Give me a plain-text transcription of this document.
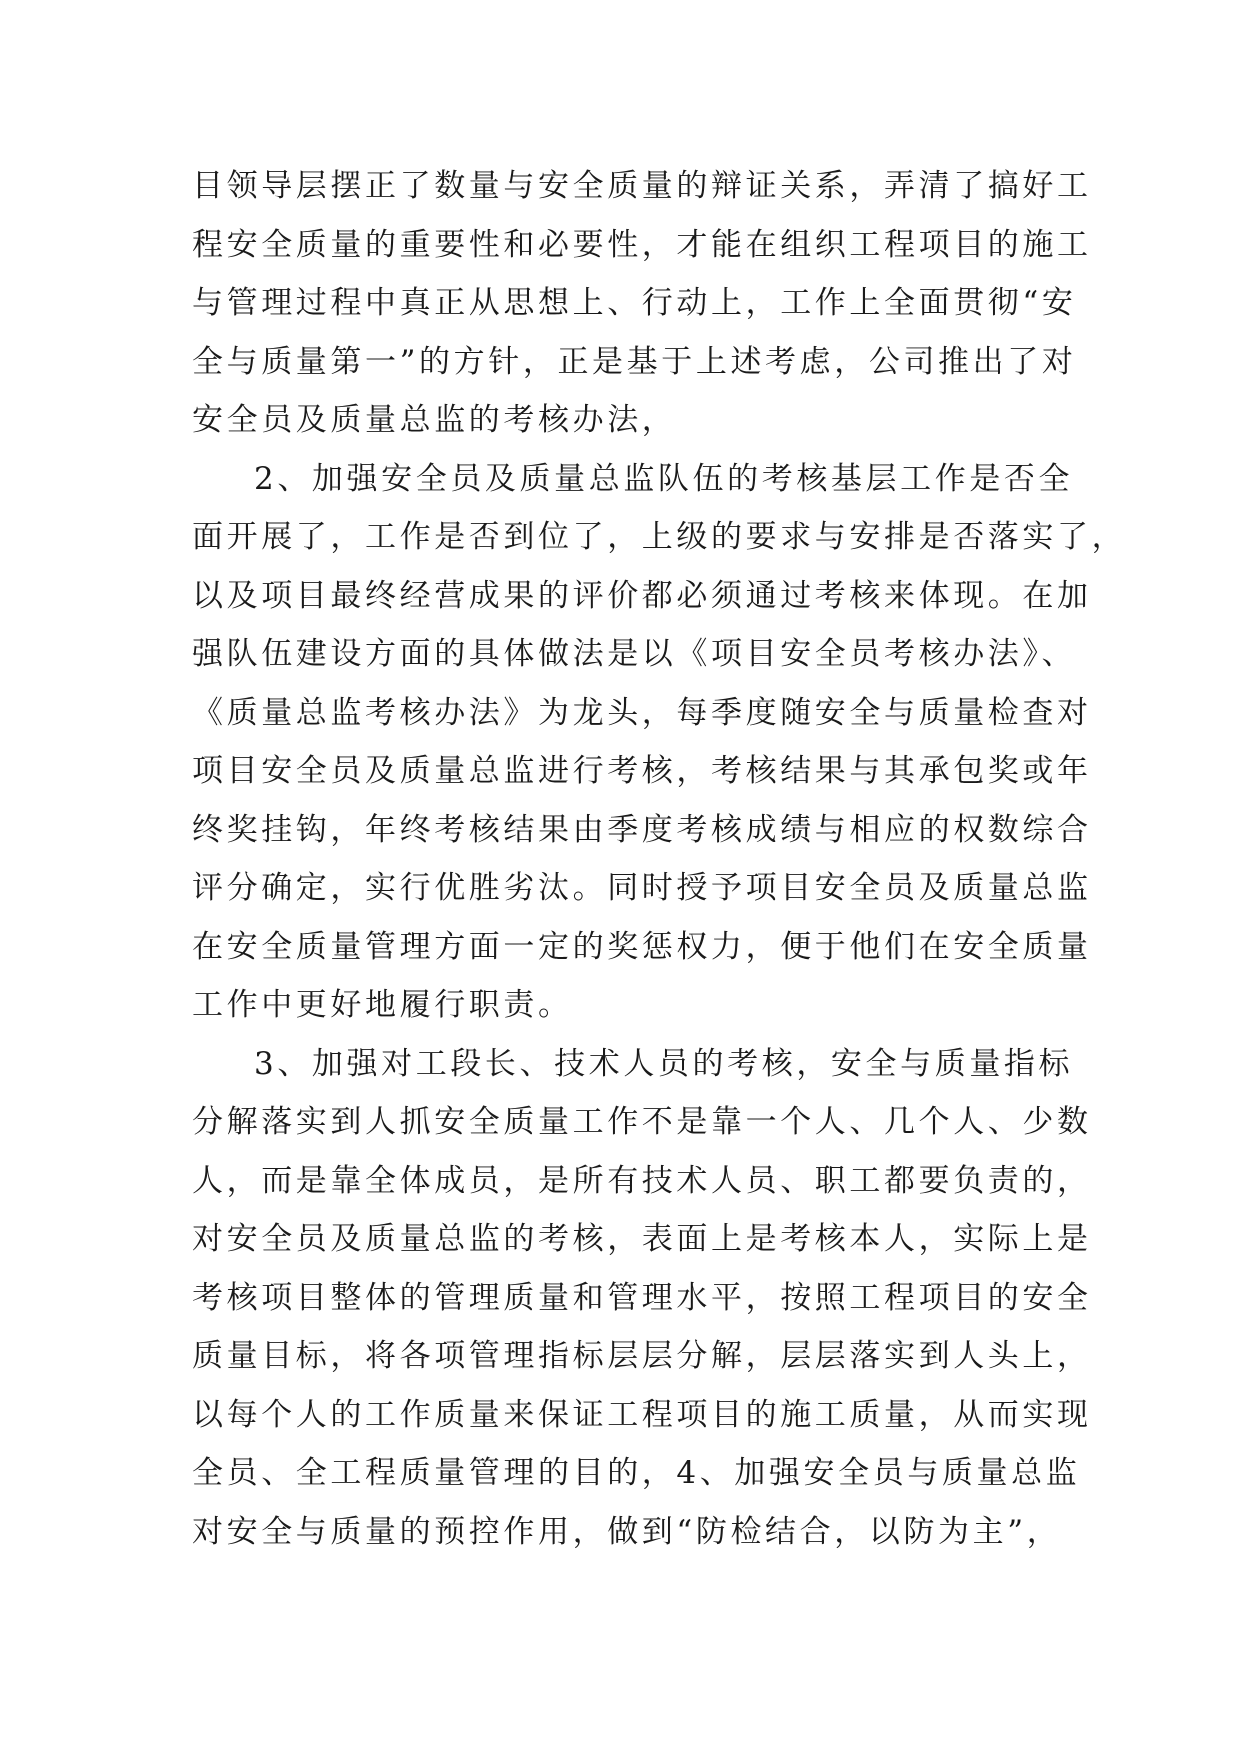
目领导层摆正了数量与安全质量的辩证关系，弄清了搞好工
程安全质量的重要性和必要性，才能在组织工程项目的施工
与管理过程中真正从思想上、行动上，工作上全面贯彻“安
全与质量第一”的方针，正是基于上述考虑，公司推出了对
安全员及质量总监的考核办法，
2、加强安全员及质量总监队伍的考核基层工作是否全
面开展了，工作是否到位了，上级的要求与安排是否落实了，
以及项目最终经营成果的评价都必须通过考核来体现。在加
强队伍建设方面的具体做法是以《项目安全员考核办法》、
《质量总监考核办法》为龙头，每季度随安全与质量检查对
项目安全员及质量总监进行考核，考核结果与其承包奖或年
终奖挂钩，年终考核结果由季度考核成绩与相应的权数综合
评分确定，实行优胜劣汰。同时授予项目安全员及质量总监
在安全质量管理方面一定的奖惩权力，便于他们在安全质量
工作中更好地履行职责。
3、加强对工段长、技术人员的考核，安全与质量指标
分解落实到人抓安全质量工作不是靠一个人、几个人、少数
人，而是靠全体成员，是所有技术人员、职工都要负责的，
对安全员及质量总监的考核，表面上是考核本人，实际上是
考核项目整体的管理质量和管理水平，按照工程项目的安全
质量目标，将各项管理指标层层分解，层层落实到人头上，
以每个人的工作质量来保证工程项目的施工质量，从而实现
全员、全工程质量管理的目的，4、加强安全员与质量总监
对安全与质量的预控作用，做到“防检结合，以防为主”，
